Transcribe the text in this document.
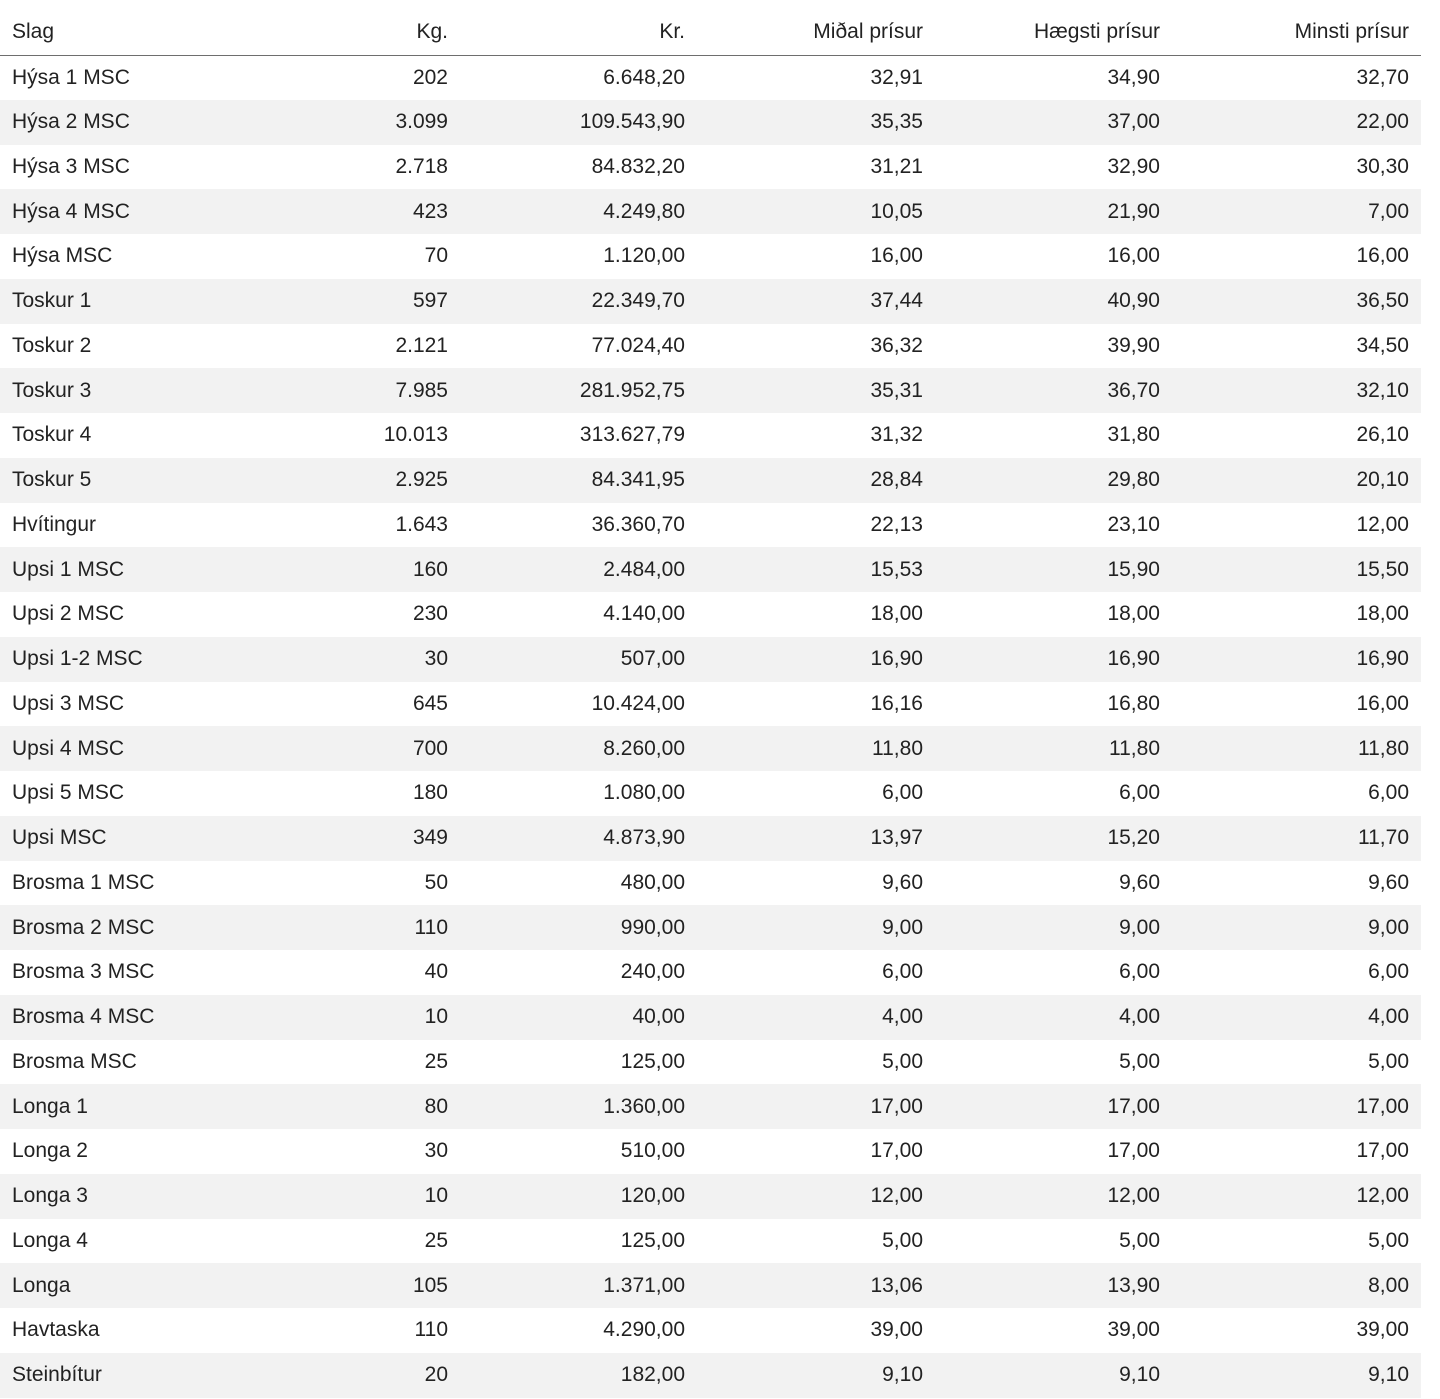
Slag	Kg.	Kr.	Miðal prísur	Hægsti prísur	Minsti prísur
Hýsa 1 MSC	202	6.648,20	32,91	34,90	32,70
Hýsa 2 MSC	3.099	109.543,90	35,35	37,00	22,00
Hýsa 3 MSC	2.718	84.832,20	31,21	32,90	30,30
Hýsa 4 MSC	423	4.249,80	10,05	21,90	7,00
Hýsa MSC	70	1.120,00	16,00	16,00	16,00
Toskur 1	597	22.349,70	37,44	40,90	36,50
Toskur 2	2.121	77.024,40	36,32	39,90	34,50
Toskur 3	7.985	281.952,75	35,31	36,70	32,10
Toskur 4	10.013	313.627,79	31,32	31,80	26,10
Toskur 5	2.925	84.341,95	28,84	29,80	20,10
Hvítingur	1.643	36.360,70	22,13	23,10	12,00
Upsi 1 MSC	160	2.484,00	15,53	15,90	15,50
Upsi 2 MSC	230	4.140,00	18,00	18,00	18,00
Upsi 1-2 MSC	30	507,00	16,90	16,90	16,90
Upsi 3 MSC	645	10.424,00	16,16	16,80	16,00
Upsi 4 MSC	700	8.260,00	11,80	11,80	11,80
Upsi 5 MSC	180	1.080,00	6,00	6,00	6,00
Upsi MSC	349	4.873,90	13,97	15,20	11,70
Brosma 1 MSC	50	480,00	9,60	9,60	9,60
Brosma 2 MSC	110	990,00	9,00	9,00	9,00
Brosma 3 MSC	40	240,00	6,00	6,00	6,00
Brosma 4 MSC	10	40,00	4,00	4,00	4,00
Brosma MSC	25	125,00	5,00	5,00	5,00
Longa 1	80	1.360,00	17,00	17,00	17,00
Longa 2	30	510,00	17,00	17,00	17,00
Longa 3	10	120,00	12,00	12,00	12,00
Longa 4	25	125,00	5,00	5,00	5,00
Longa	105	1.371,00	13,06	13,90	8,00
Havtaska	110	4.290,00	39,00	39,00	39,00
Steinbítur	20	182,00	9,10	9,10	9,10
